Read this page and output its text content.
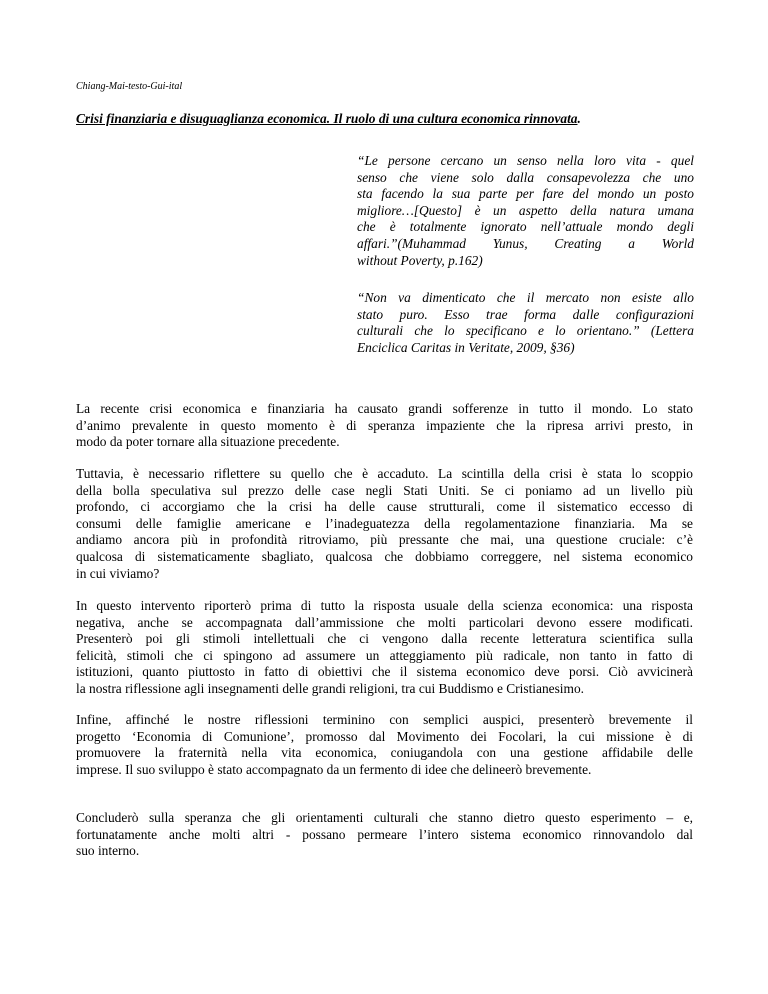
Chiang-Mai-testo-Gui-ital
Crisi finanziaria e disuguaglianza economica. Il ruolo di una cultura economica rinnovata.
“Le persone cercano un senso nella loro vita - quel
senso che viene solo dalla consapevolezza che uno
sta facendo la sua parte per fare del mondo un posto
migliore…[Questo] è un aspetto della natura umana
che è totalmente ignorato nell’attuale mondo degli
affari.”(Muhammad Yunus, Creating a World
without Poverty, p.162)
“Non va dimenticato che il mercato non esiste allo
stato puro. Esso trae forma dalle configurazioni
culturali che lo specificano e lo orientano.” (Lettera
Enciclica Caritas in Veritate, 2009, §36)

La recente crisi economica e finanziaria ha causato grandi sofferenze in tutto il mondo. Lo stato
d’animo prevalente in questo momento è di speranza impaziente che la ripresa arrivi presto, in
modo da poter tornare alla situazione precedente.

Tuttavia, è necessario riflettere su quello che è accaduto. La scintilla della crisi è stata lo scoppio
della bolla speculativa sul prezzo delle case negli Stati Uniti. Se ci poniamo ad un livello più
profondo, ci accorgiamo che la crisi ha delle cause strutturali, come il sistematico eccesso di
consumi delle famiglie americane e l’inadeguatezza della regolamentazione finanziaria. Ma se
andiamo ancora più in profondità ritroviamo, più pressante che mai, una questione cruciale: c’è
qualcosa di sistematicamente sbagliato, qualcosa che dobbiamo correggere, nel sistema economico
in cui viviamo?

In questo intervento riporterò prima di tutto la risposta usuale della scienza economica: una risposta
negativa, anche se accompagnata dall’ammissione che molti particolari devono essere modificati.
Presenterò poi gli stimoli intellettuali che ci vengono dalla recente letteratura scientifica sulla
felicità, stimoli che ci spingono ad assumere un atteggiamento più radicale, non tanto in fatto di
istituzioni, quanto piuttosto in fatto di obiettivi che il sistema economico deve porsi. Ciò avvicinerà
la nostra riflessione agli insegnamenti delle grandi religioni, tra cui Buddismo e Cristianesimo.

Infine, affinché le nostre riflessioni terminino con semplici auspici, presenterò brevemente il
progetto ‘Economia di Comunione’, promosso dal Movimento dei Focolari, la cui missione è di
promuovere la fraternità nella vita economica, coniugandola con una gestione affidabile delle
imprese. Il suo sviluppo è stato accompagnato da un fermento di idee che delineerò brevemente.

Concluderò sulla speranza che gli orientamenti culturali che stanno dietro questo esperimento – e,
fortunatamente anche molti altri - possano permeare l’intero sistema economico rinnovandolo dal
suo interno.
